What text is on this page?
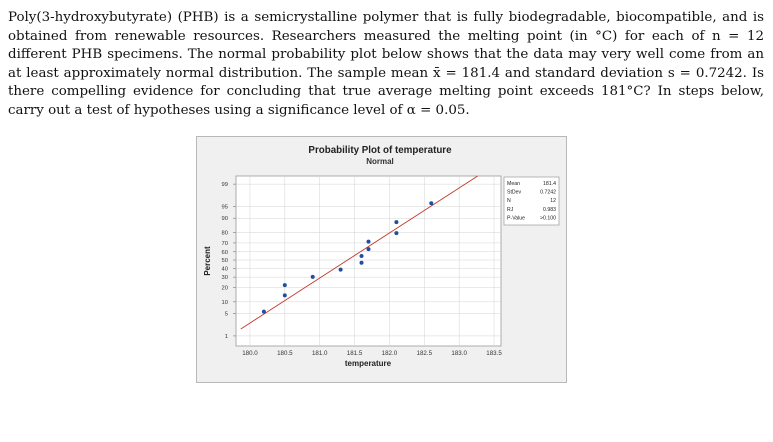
Poly(3-hydroxybutyrate) (PHB) is a semicrystalline polymer that is fully biodegradable, biocompatible, and is obtained from renewable resources. Researchers measured the melting point (in °C) for each of n = 12 different PHB specimens. The normal probability plot below shows that the data may very well come from an at least approximately normal distribution. The sample mean x̄ = 181.4 and standard deviation s = 0.7242. Is there compelling evidence for concluding that true average melting point exceeds 181°C? In steps below, carry out a test of hypotheses using a significance level of α = 0.05.

180.0	180.5	181.0	181.5	182.0	182.5	183.0	183.5
1
5
10
20
30
40
50
60
70
80
90
95
99	Mean	181.4
StDev	0.7242
N	12
RJ	0.983
P-Value	>0.100
Probability Plot of temperature
Normal
temperature
Percent
